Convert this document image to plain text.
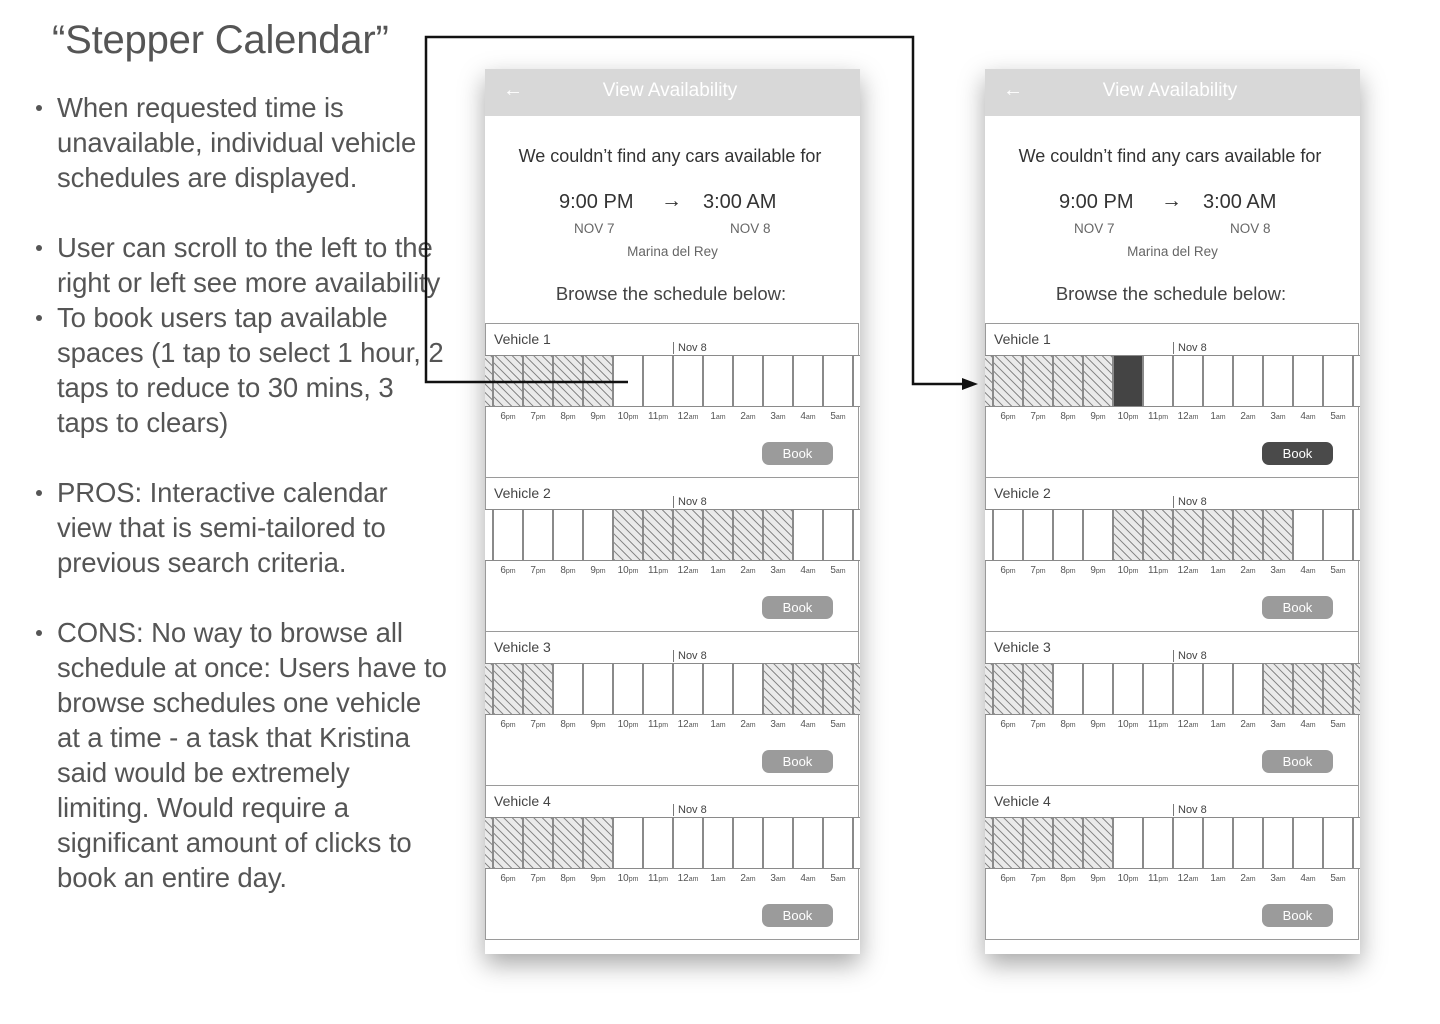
“Stepper Calendar”
When requested time is unavailable, individual vehicle schedules are displayed.
User can scroll to the left to the right or left see more availability
To book users tap available spaces (1 tap to select 1 hour, 2 taps to reduce to 30 mins, 3 taps to clears)
PROS: Interactive calendar view that is semi-tailored to previous search criteria.
CONS: No way to browse all schedule at once: Users have to browse schedules one vehicle at a time - a task that Kristina said would be extremely limiting. Would require a significant amount of clicks to book an entire day.
←	View Availability
We couldn’t find any cars available for
9:00 PM → 3:00 AM
NOV 7	NOV 8
Marina del Rey
Browse the schedule below:
Vehicle 1
Nov 8
6pm	7pm	8pm	9pm	10pm 11pm 12am	1am	2am	3am	4am	5am
Book
Vehicle 2
Nov 8
6pm	7pm	8pm	9pm	10pm 11pm 12am	1am	2am	3am	4am	5am
Book
Vehicle 3
Nov 8
6pm	7pm	8pm	9pm	10pm 11pm 12am	1am	2am	3am	4am	5am
Book
Vehicle 4
Nov 8
6pm	7pm	8pm	9pm	10pm 11pm 12am	1am	2am	3am	4am	5am
Book
←	View Availability
We couldn’t find any cars available for
9:00 PM → 3:00 AM
NOV 7	NOV 8
Marina del Rey
Browse the schedule below:
Vehicle 1
Nov 8
6pm	7pm	8pm	9pm	10pm 11pm 12am	1am	2am	3am	4am	5am
Book
Vehicle 2
Nov 8
6pm	7pm	8pm	9pm	10pm 11pm 12am	1am	2am	3am	4am	5am
Book
Vehicle 3
Nov 8
6pm	7pm	8pm	9pm	10pm 11pm 12am	1am	2am	3am	4am	5am
Book
Vehicle 4
Nov 8
6pm	7pm	8pm	9pm	10pm 11pm 12am	1am	2am	3am	4am	5am
Book
